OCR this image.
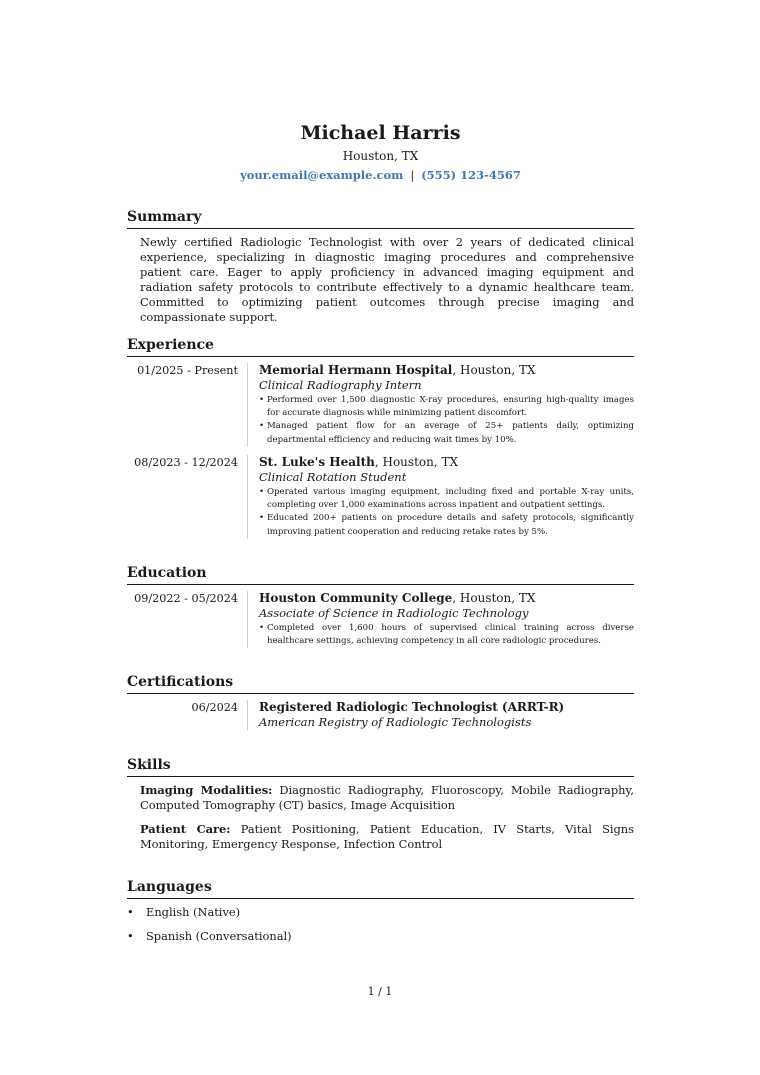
Michael Harris
Houston, TX
your.email@example.com | (555) 123-4567
Summary
Newly certified Radiologic Technologist with over 2 years of dedicated clinical experience, specializing in diagnostic imaging procedures and comprehensive patient care. Eager to apply proficiency in advanced imaging equipment and radiation safety protocols to contribute effectively to a dynamic healthcare team. Committed to optimizing patient outcomes through precise imaging and compassionate support.
Experience
01/2025 - Present Memorial Hermann Hospital, Houston, TX
Clinical Radiography Intern
• Performed over 1,500 diagnostic X-ray procedures, ensuring high-quality images for accurate diagnosis while minimizing patient discomfort.
• Managed patient flow for an average of 25+ patients daily, optimizing departmental efficiency and reducing wait times by 10%.
08/2023 - 12/2024 St. Luke's Health, Houston, TX
Clinical Rotation Student
• Operated various imaging equipment, including fixed and portable X-ray units, completing over 1,000 examinations across inpatient and outpatient settings.
• Educated 200+ patients on procedure details and safety protocols, significantly improving patient cooperation and reducing retake rates by 5%.
Education
09/2022 - 05/2024 Houston Community College, Houston, TX
Associate of Science in Radiologic Technology
• Completed over 1,600 hours of supervised clinical training across diverse healthcare settings, achieving competency in all core radiologic procedures.
Certifications
06/2024 Registered Radiologic Technologist (ARRT-R)
American Registry of Radiologic Technologists
Skills
Imaging Modalities: Diagnostic Radiography, Fluoroscopy, Mobile Radiography, Computed Tomography (CT) basics, Image Acquisition
Patient Care: Patient Positioning, Patient Education, IV Starts, Vital Signs Monitoring, Emergency Response, Infection Control
Languages
• English (Native)
• Spanish (Conversational)
1 / 1
